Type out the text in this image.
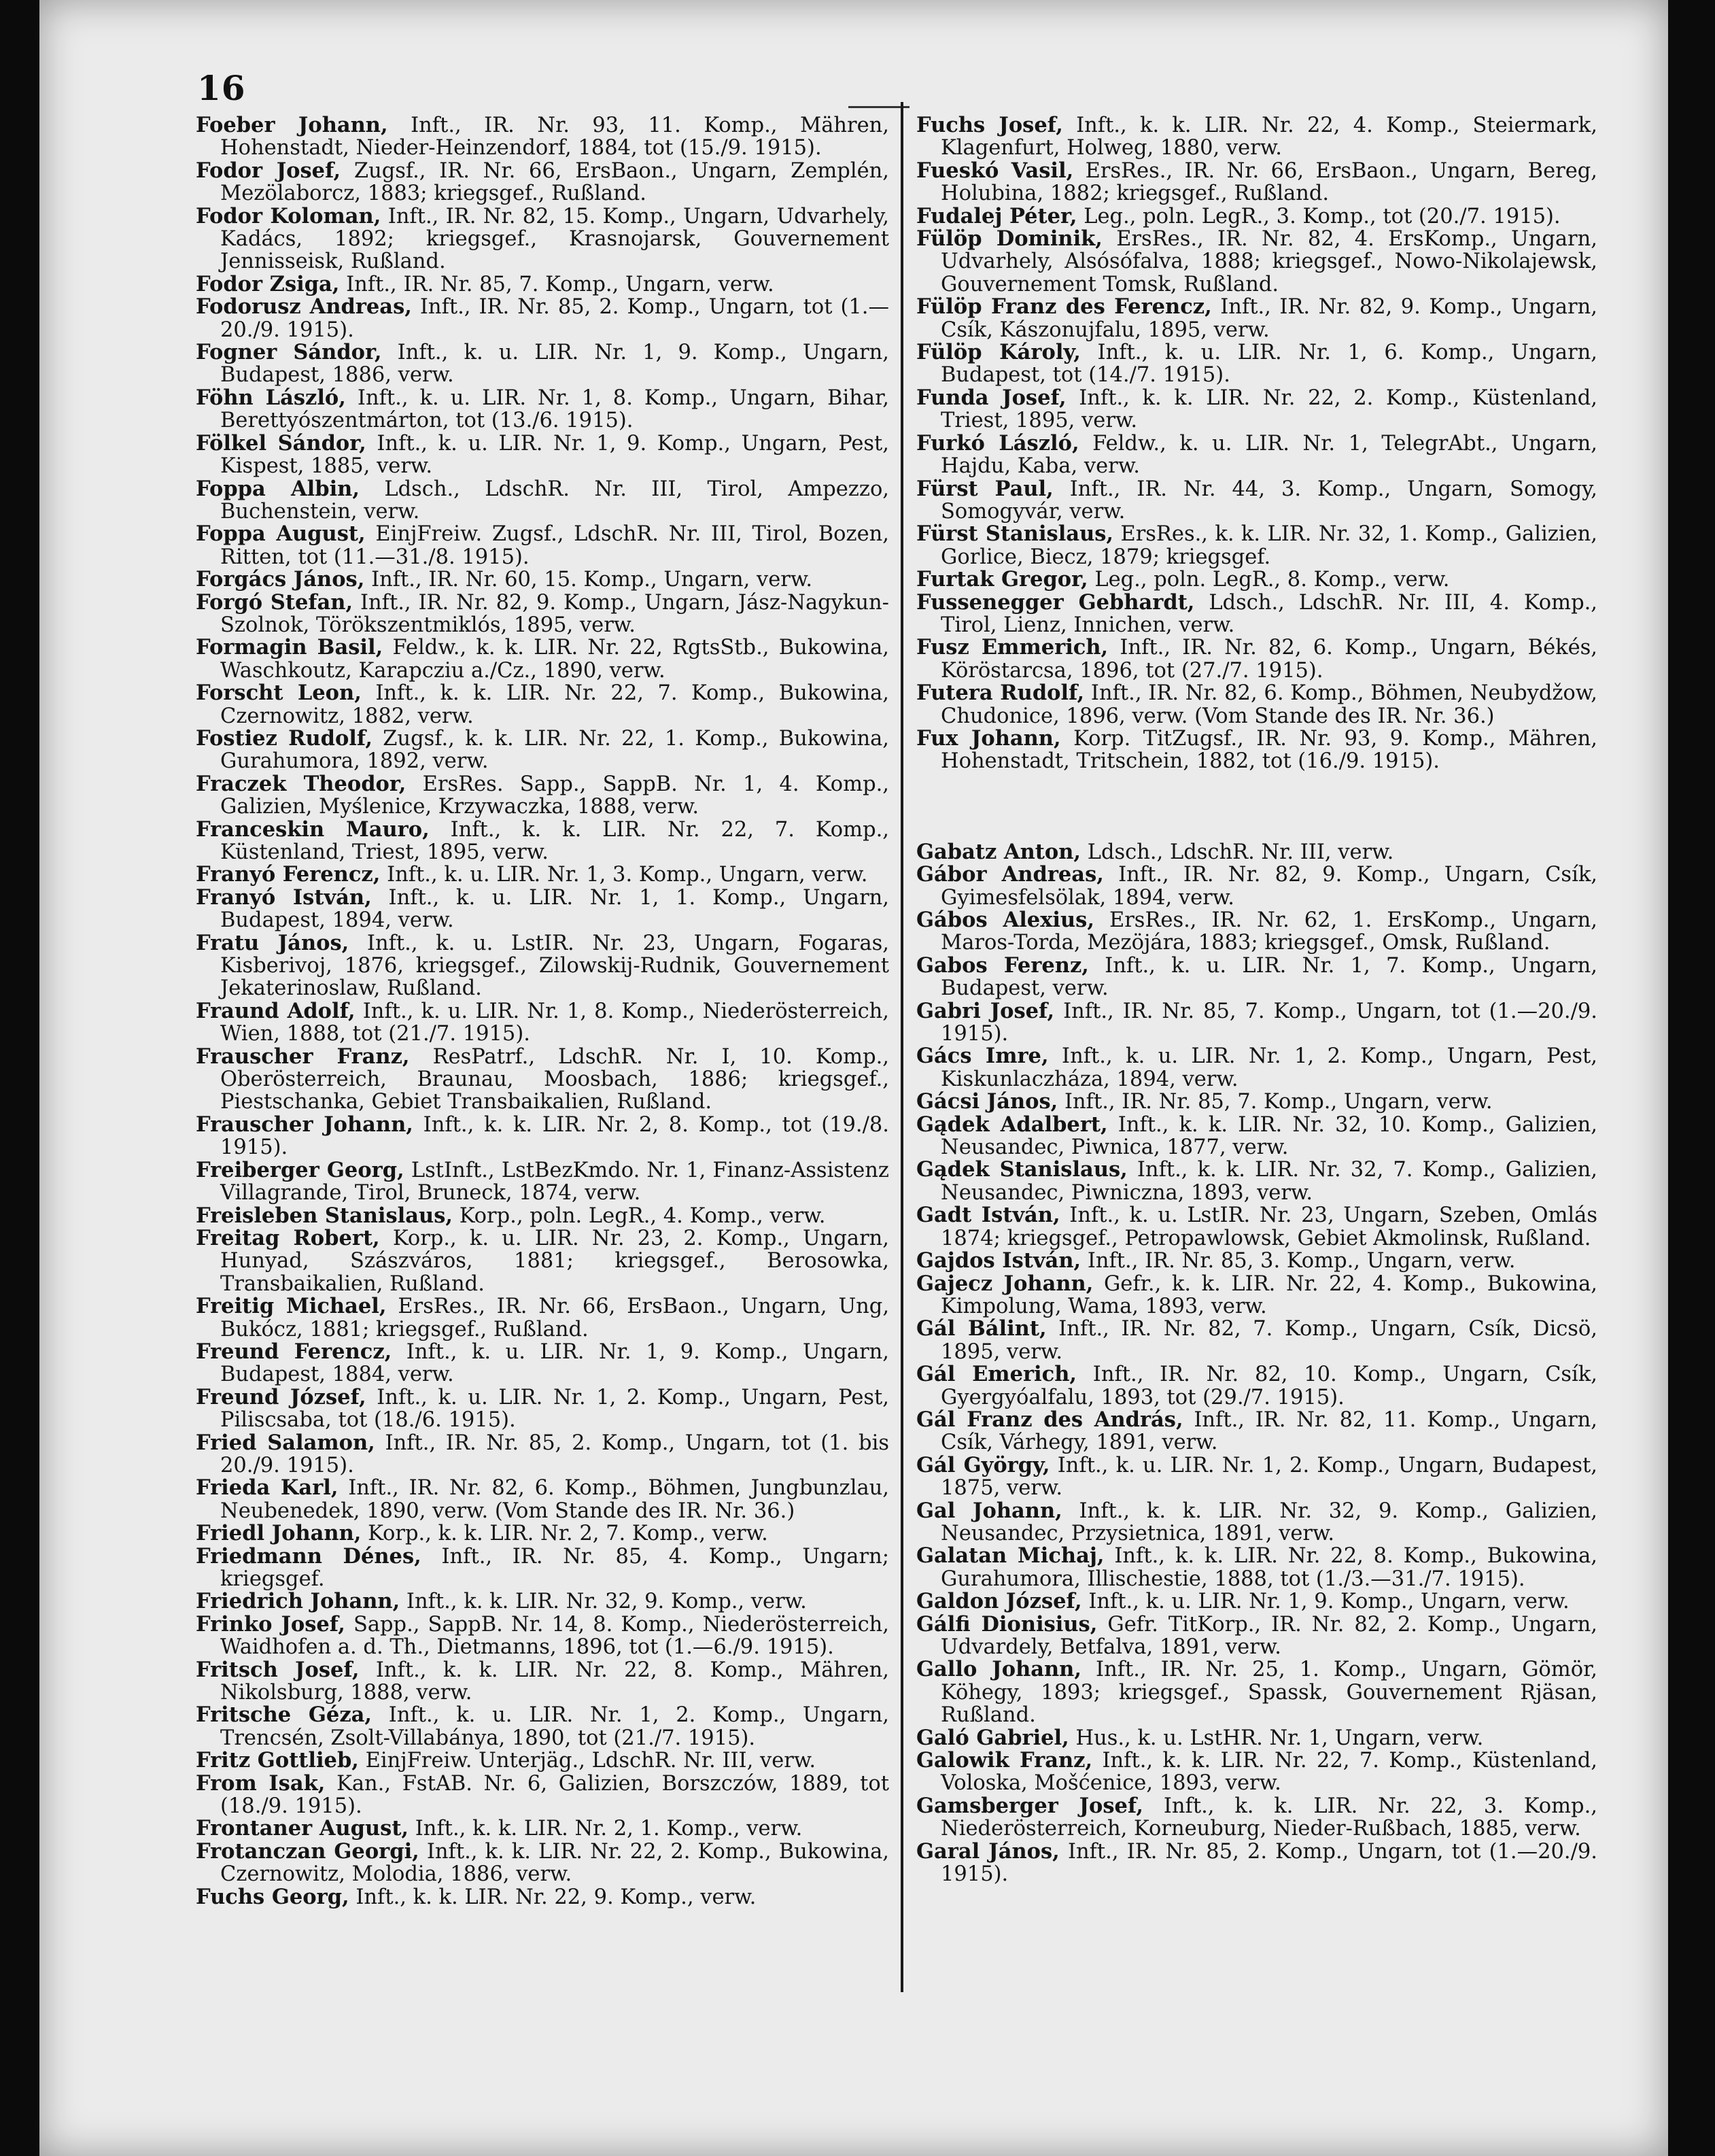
16
Foeber Johann, Inft., IR. Nr. 93, 11. Komp., Mähren, Hohenstadt, Nieder-Heinzendorf, 1884, tot (15./9. 1915).
Fodor Josef, Zugsf., IR. Nr. 66, ErsBaon., Ungarn, Zemplén, Mezölaborcz, 1883; kriegsgef., Rußland.
Fodor Koloman, Inft., IR. Nr. 82, 15. Komp., Ungarn, Udvarhely, Kadács, 1892; kriegsgef., Krasnojarsk, Gouvernement Jennisseisk, Rußland.
Fodor Zsiga, Inft., IR. Nr. 85, 7. Komp., Ungarn, verw.
Fodorusz Andreas, Inft., IR. Nr. 85, 2. Komp., Ungarn, tot (1.—20./9. 1915).
Fogner Sándor, Inft., k. u. LIR. Nr. 1, 9. Komp., Ungarn, Budapest, 1886, verw.
Föhn László, Inft., k. u. LIR. Nr. 1, 8. Komp., Ungarn, Bihar, Berettyószentmárton, tot (13./6. 1915).
Fölkel Sándor, Inft., k. u. LIR. Nr. 1, 9. Komp., Ungarn, Pest, Kispest, 1885, verw.
Foppa Albin, Ldsch., LdschR. Nr. III, Tirol, Ampezzo, Buchenstein, verw.
Foppa August, EinjFreiw. Zugsf., LdschR. Nr. III, Tirol, Bozen, Ritten, tot (11.—31./8. 1915).
Forgács János, Inft., IR. Nr. 60, 15. Komp., Ungarn, verw.
Forgó Stefan, Inft., IR. Nr. 82, 9. Komp., Ungarn, Jász-Nagykun-Szolnok, Törökszentmiklós, 1895, verw.
Formagin Basil, Feldw., k. k. LIR. Nr. 22, RgtsStb., Bukowina, Waschkoutz, Karapcziu a./Cz., 1890, verw.
Forscht Leon, Inft., k. k. LIR. Nr. 22, 7. Komp., Bukowina, Czernowitz, 1882, verw.
Fostiez Rudolf, Zugsf., k. k. LIR. Nr. 22, 1. Komp., Bukowina, Gurahumora, 1892, verw.
Fraczek Theodor, ErsRes. Sapp., SappB. Nr. 1, 4. Komp., Galizien, Myślenice, Krzywaczka, 1888, verw.
Franceskin Mauro, Inft., k. k. LIR. Nr. 22, 7. Komp., Küstenland, Triest, 1895, verw.
Franyó Ferencz, Inft., k. u. LIR. Nr. 1, 3. Komp., Ungarn, verw.
Franyó István, Inft., k. u. LIR. Nr. 1, 1. Komp., Ungarn, Budapest, 1894, verw.
Fratu János, Inft., k. u. LstIR. Nr. 23, Ungarn, Fogaras, Kisberivoj, 1876, kriegsgef., Zilowskij-Rudnik, Gouvernement Jekaterinoslaw, Rußland.
Fraund Adolf, Inft., k. u. LIR. Nr. 1, 8. Komp., Niederösterreich, Wien, 1888, tot (21./7. 1915).
Frauscher Franz, ResPatrf., LdschR. Nr. I, 10. Komp., Oberösterreich, Braunau, Moosbach, 1886; kriegsgef., Piestschanka, Gebiet Transbaikalien, Rußland.
Frauscher Johann, Inft., k. k. LIR. Nr. 2, 8. Komp., tot (19./8. 1915).
Freiberger Georg, LstInft., LstBezKmdo. Nr. 1, Finanz-Assistenz Villagrande, Tirol, Bruneck, 1874, verw.
Freisleben Stanislaus, Korp., poln. LegR., 4. Komp., verw.
Freitag Robert, Korp., k. u. LIR. Nr. 23, 2. Komp., Ungarn, Hunyad, Szászváros, 1881; kriegsgef., Berosowka, Transbaikalien, Rußland.
Freitig Michael, ErsRes., IR. Nr. 66, ErsBaon., Ungarn, Ung, Bukócz, 1881; kriegsgef., Rußland.
Freund Ferencz, Inft., k. u. LIR. Nr. 1, 9. Komp., Ungarn, Budapest, 1884, verw.
Freund József, Inft., k. u. LIR. Nr. 1, 2. Komp., Ungarn, Pest, Piliscsaba, tot (18./6. 1915).
Fried Salamon, Inft., IR. Nr. 85, 2. Komp., Ungarn, tot (1. bis 20./9. 1915).
Frieda Karl, Inft., IR. Nr. 82, 6. Komp., Böhmen, Jungbunzlau, Neubenedek, 1890, verw. (Vom Stande des IR. Nr. 36.)
Friedl Johann, Korp., k. k. LIR. Nr. 2, 7. Komp., verw.
Friedmann Dénes, Inft., IR. Nr. 85, 4. Komp., Ungarn; kriegsgef.
Friedrich Johann, Inft., k. k. LIR. Nr. 32, 9. Komp., verw.
Frinko Josef, Sapp., SappB. Nr. 14, 8. Komp., Niederösterreich, Waidhofen a. d. Th., Dietmanns, 1896, tot (1.—6./9. 1915).
Fritsch Josef, Inft., k. k. LIR. Nr. 22, 8. Komp., Mähren, Nikolsburg, 1888, verw.
Fritsche Géza, Inft., k. u. LIR. Nr. 1, 2. Komp., Ungarn, Trencsén, Zsolt-Villabánya, 1890, tot (21./7. 1915).
Fritz Gottlieb, EinjFreiw. Unterjäg., LdschR. Nr. III, verw.
From Isak, Kan., FstAB. Nr. 6, Galizien, Borszczów, 1889, tot (18./9. 1915).
Frontaner August, Inft., k. k. LIR. Nr. 2, 1. Komp., verw.
Frotanczan Georgi, Inft., k. k. LIR. Nr. 22, 2. Komp., Bukowina, Czernowitz, Molodia, 1886, verw.
Fuchs Georg, Inft., k. k. LIR. Nr. 22, 9. Komp., verw.
Fuchs Josef, Inft., k. k. LIR. Nr. 22, 4. Komp., Steiermark, Klagenfurt, Holweg, 1880, verw.
Fueskó Vasil, ErsRes., IR. Nr. 66, ErsBaon., Ungarn, Bereg, Holubina, 1882; kriegsgef., Rußland.
Fudalej Péter, Leg., poln. LegR., 3. Komp., tot (20./7. 1915).
Fülöp Dominik, ErsRes., IR. Nr. 82, 4. ErsKomp., Ungarn, Udvarhely, Alsósófalva, 1888; kriegsgef., Nowo-Nikolajewsk, Gouvernement Tomsk, Rußland.
Fülöp Franz des Ferencz, Inft., IR. Nr. 82, 9. Komp., Ungarn, Csík, Kászonujfalu, 1895, verw.
Fülöp Károly, Inft., k. u. LIR. Nr. 1, 6. Komp., Ungarn, Budapest, tot (14./7. 1915).
Funda Josef, Inft., k. k. LIR. Nr. 22, 2. Komp., Küstenland, Triest, 1895, verw.
Furkó László, Feldw., k. u. LIR. Nr. 1, TelegrAbt., Ungarn, Hajdu, Kaba, verw.
Fürst Paul, Inft., IR. Nr. 44, 3. Komp., Ungarn, Somogy, Somogyvár, verw.
Fürst Stanislaus, ErsRes., k. k. LIR. Nr. 32, 1. Komp., Galizien, Gorlice, Biecz, 1879; kriegsgef.
Furtak Gregor, Leg., poln. LegR., 8. Komp., verw.
Fussenegger Gebhardt, Ldsch., LdschR. Nr. III, 4. Komp., Tirol, Lienz, Innichen, verw.
Fusz Emmerich, Inft., IR. Nr. 82, 6. Komp., Ungarn, Békés, Köröstarcsa, 1896, tot (27./7. 1915).
Futera Rudolf, Inft., IR. Nr. 82, 6. Komp., Böhmen, Neubydžow, Chudonice, 1896, verw. (Vom Stande des IR. Nr. 36.)
Fux Johann, Korp. TitZugsf., IR. Nr. 93, 9. Komp., Mähren, Hohenstadt, Tritschein, 1882, tot (16./9. 1915).
Gabatz Anton, Ldsch., LdschR. Nr. III, verw.
Gábor Andreas, Inft., IR. Nr. 82, 9. Komp., Ungarn, Csík, Gyimesfelsölak, 1894, verw.
Gábos Alexius, ErsRes., IR. Nr. 62, 1. ErsKomp., Ungarn, Maros-Torda, Mezöjára, 1883; kriegsgef., Omsk, Rußland.
Gabos Ferenz, Inft., k. u. LIR. Nr. 1, 7. Komp., Ungarn, Budapest, verw.
Gabri Josef, Inft., IR. Nr. 85, 7. Komp., Ungarn, tot (1.—20./9. 1915).
Gács Imre, Inft., k. u. LIR. Nr. 1, 2. Komp., Ungarn, Pest, Kiskunlaczháza, 1894, verw.
Gácsi János, Inft., IR. Nr. 85, 7. Komp., Ungarn, verw.
Gądek Adalbert, Inft., k. k. LIR. Nr. 32, 10. Komp., Galizien, Neusandec, Piwnica, 1877, verw.
Gądek Stanislaus, Inft., k. k. LIR. Nr. 32, 7. Komp., Galizien, Neusandec, Piwniczna, 1893, verw.
Gadt István, Inft., k. u. LstIR. Nr. 23, Ungarn, Szeben, Omlás 1874; kriegsgef., Petropawlowsk, Gebiet Akmolinsk, Rußland.
Gajdos István, Inft., IR. Nr. 85, 3. Komp., Ungarn, verw.
Gajecz Johann, Gefr., k. k. LIR. Nr. 22, 4. Komp., Bukowina, Kimpolung, Wama, 1893, verw.
Gál Bálint, Inft., IR. Nr. 82, 7. Komp., Ungarn, Csík, Dicsö, 1895, verw.
Gál Emerich, Inft., IR. Nr. 82, 10. Komp., Ungarn, Csík, Gyergyóalfalu, 1893, tot (29./7. 1915).
Gál Franz des András, Inft., IR. Nr. 82, 11. Komp., Ungarn, Csík, Várhegy, 1891, verw.
Gál György, Inft., k. u. LIR. Nr. 1, 2. Komp., Ungarn, Budapest, 1875, verw.
Gal Johann, Inft., k. k. LIR. Nr. 32, 9. Komp., Galizien, Neusandec, Przysietnica, 1891, verw.
Galatan Michaj, Inft., k. k. LIR. Nr. 22, 8. Komp., Bukowina, Gurahumora, Illischestie, 1888, tot (1./3.—31./7. 1915).
Galdon József, Inft., k. u. LIR. Nr. 1, 9. Komp., Ungarn, verw.
Gálfi Dionisius, Gefr. TitKorp., IR. Nr. 82, 2. Komp., Ungarn, Udvardely, Betfalva, 1891, verw.
Gallo Johann, Inft., IR. Nr. 25, 1. Komp., Ungarn, Gömör, Köhegy, 1893; kriegsgef., Spassk, Gouvernement Rjäsan, Rußland.
Galó Gabriel, Hus., k. u. LstHR. Nr. 1, Ungarn, verw.
Galowik Franz, Inft., k. k. LIR. Nr. 22, 7. Komp., Küstenland, Voloska, Mošćenice, 1893, verw.
Gamsberger Josef, Inft., k. k. LIR. Nr. 22, 3. Komp., Niederösterreich, Korneuburg, Nieder-Rußbach, 1885, verw.
Garal János, Inft., IR. Nr. 85, 2. Komp., Ungarn, tot (1.—20./9. 1915).
